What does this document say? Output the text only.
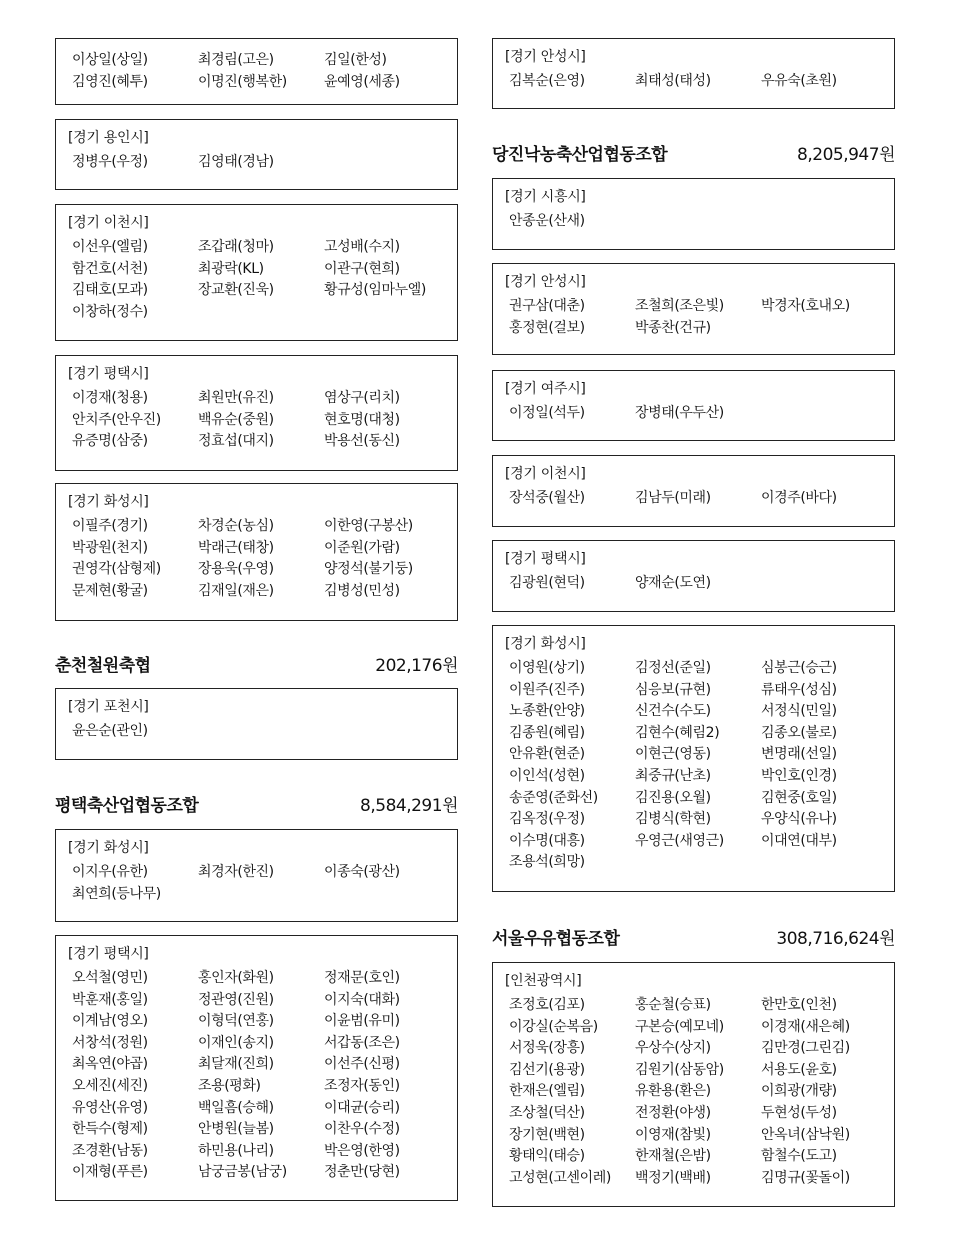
이상일(상일)	최경림(고은)	김일(한성)
김영진(혜투)	이명진(행복한)	윤예영(세종)
[경기 용인시]
정병우(우정)	김영태(경남)
[경기 이천시]
이선우(엘림)	조갑래(청마)	고성배(수지)
함건호(서천)	최광락(KL)	이관구(현희)
김태호(모과)	장교환(진욱)	황규성(임마누엘)
이창하(정수)
[경기 평택시]
이경재(청용)	최원만(유진)	염상구(리치)
안치주(안우진)	백유순(중원)	현호명(대청)
유증명(삼중)	정효섭(대지)	박용선(동신)
[경기 화성시]
이필주(경기)	차경순(농심)	이한영(구봉산)
박광원(천지)	박래근(태창)	이준원(가람)
권영각(삼형제)	장용욱(우영)	양정석(불기둥)
문제현(황굴)	김재일(재은)	김병성(민성)
춘천철원축협	202,176원
[경기 포천시]
윤은순(관인)
평택축산업협동조합	8,584,291원
[경기 화성시]
이지우(유한)	최경자(한진)	이종숙(광산)
최연희(등나무)
[경기 평택시]
오석철(영민)	홍인자(화원)	정재문(호인)
박훈재(홍일)	정관영(진원)	이지숙(대화)
이계남(영오)	이형덕(연홍)	이윤범(유미)
서창석(정원)	이재인(송지)	서갑동(조은)
최옥연(야곱)	최달재(진희)	이선주(신평)
오세진(세진)	조용(평화)	조정자(동인)
유영산(유영)	백일흠(승해)	이대균(승리)
한득수(형제)	안병원(늘봄)	이찬우(수정)
조경환(남동)	하민용(나리)	박은영(한영)
이재형(푸른)	남궁금봉(남궁)	정춘만(당현)
[경기 안성시]
김복순(은영)	최태성(태성)	우유숙(초원)
당진낙농축산업협동조합	8,205,947원
[경기 시흥시]
안종운(산새)
[경기 안성시]
권구삼(대춘)	조철희(조은빛)	박경자(호내오)
홍정현(걸보)	박종찬(건규)
[경기 여주시]
이정일(석두)	장병태(우두산)
[경기 이천시]
장석중(월산)	김남두(미래)	이경주(바다)
[경기 평택시]
김광원(현덕)	양재순(도연)
[경기 화성시]
이영원(상기)	김정선(준일)	심봉근(승근)
이원주(진주)	심응보(규현)	류태우(성심)
노종환(안양)	신건수(수도)	서정식(민일)
김종원(혜림)	김현수(혜림2)	김종오(불로)
안유환(현준)	이현근(영동)	변명래(선일)
이인석(성현)	최중규(난초)	박인호(인경)
송준영(준화선)	김진용(오월)	김현중(호일)
김옥정(우정)	김병식(학현)	우양식(유나)
이수명(대흥)	우영근(새영근)	이대연(대부)
조용석(희망)
서울우유협동조합	308,716,624원
[인천광역시]
조정호(김포)	홍순철(승표)	한만호(인천)
이강실(순복음)	구본승(예모네)	이경재(새은혜)
서정욱(장흥)	우상수(상지)	김만경(그린김)
김선기(용광)	김원기(삼동암)	서용도(윤호)
한재은(엘림)	유환용(환은)	이희광(개량)
조상철(덕산)	전정환(야생)	두현성(두성)
장기현(백현)	이영재(참빛)	안옥녀(삼낙원)
황태익(태승)	한재철(은밤)	함철수(도고)
고성현(고센이레)	백정기(백배)	김명규(꽃돌이)
